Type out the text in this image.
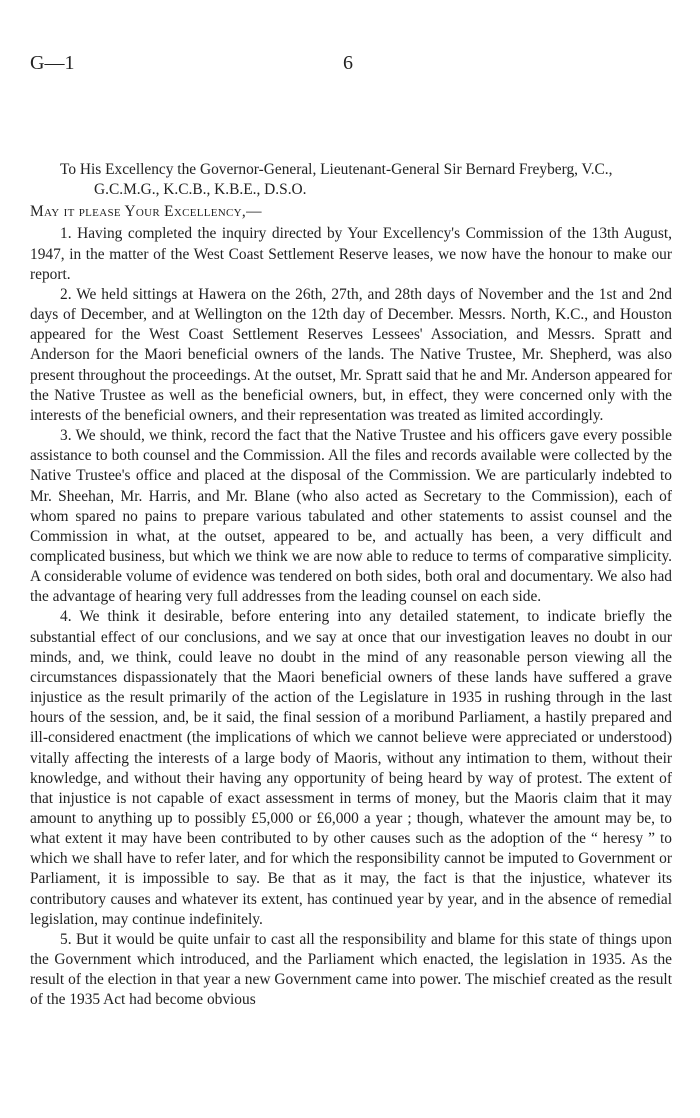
G—1	6

To His Excellency the Governor-General, Lieutenant-General Sir Bernard Freyberg, V.C., G.C.M.G., K.C.B., K.B.E., D.S.O.

May it please Your Excellency,—

1. Having completed the inquiry directed by Your Excellency's Commission of the 13th August, 1947, in the matter of the West Coast Settlement Reserve leases, we now have the honour to make our report.

2. We held sittings at Hawera on the 26th, 27th, and 28th days of November and the 1st and 2nd days of December, and at Wellington on the 12th day of December. Messrs. North, K.C., and Houston appeared for the West Coast Settlement Reserves Lessees' Association, and Messrs. Spratt and Anderson for the Maori beneficial owners of the lands. The Native Trustee, Mr. Shepherd, was also present throughout the proceedings. At the outset, Mr. Spratt said that he and Mr. Anderson appeared for the Native Trustee as well as the beneficial owners, but, in effect, they were concerned only with the interests of the beneficial owners, and their representation was treated as limited accordingly.

3. We should, we think, record the fact that the Native Trustee and his officers gave every possible assistance to both counsel and the Commission. All the files and records available were collected by the Native Trustee's office and placed at the disposal of the Commission. We are particularly indebted to Mr. Sheehan, Mr. Harris, and Mr. Blane (who also acted as Secretary to the Commission), each of whom spared no pains to prepare various tabulated and other statements to assist counsel and the Commission in what, at the outset, appeared to be, and actually has been, a very difficult and complicated business, but which we think we are now able to reduce to terms of comparative simplicity. A considerable volume of evidence was tendered on both sides, both oral and documentary. We also had the advantage of hearing very full addresses from the leading counsel on each side.

4. We think it desirable, before entering into any detailed statement, to indicate briefly the substantial effect of our conclusions, and we say at once that our investigation leaves no doubt in our minds, and, we think, could leave no doubt in the mind of any reasonable person viewing all the circumstances dispassionately that the Maori beneficial owners of these lands have suffered a grave injustice as the result primarily of the action of the Legislature in 1935 in rushing through in the last hours of the session, and, be it said, the final session of a moribund Parliament, a hastily prepared and ill-considered enactment (the implications of which we cannot believe were appreciated or understood) vitally affecting the interests of a large body of Maoris, without any intimation to them, without their knowledge, and without their having any opportunity of being heard by way of protest. The extent of that injustice is not capable of exact assessment in terms of money, but the Maoris claim that it may amount to anything up to possibly £5,000 or £6,000 a year ; though, whatever the amount may be, to what extent it may have been contributed to by other causes such as the adoption of the “ heresy ” to which we shall have to refer later, and for which the responsibility cannot be imputed to Government or Parliament, it is impossible to say. Be that as it may, the fact is that the injustice, whatever its contributory causes and whatever its extent, has continued year by year, and in the absence of remedial legislation, may continue indefinitely.

5. But it would be quite unfair to cast all the responsibility and blame for this state of things upon the Government which introduced, and the Parliament which enacted, the legislation in 1935. As the result of the election in that year a new Government came into power. The mischief created as the result of the 1935 Act had become obvious
